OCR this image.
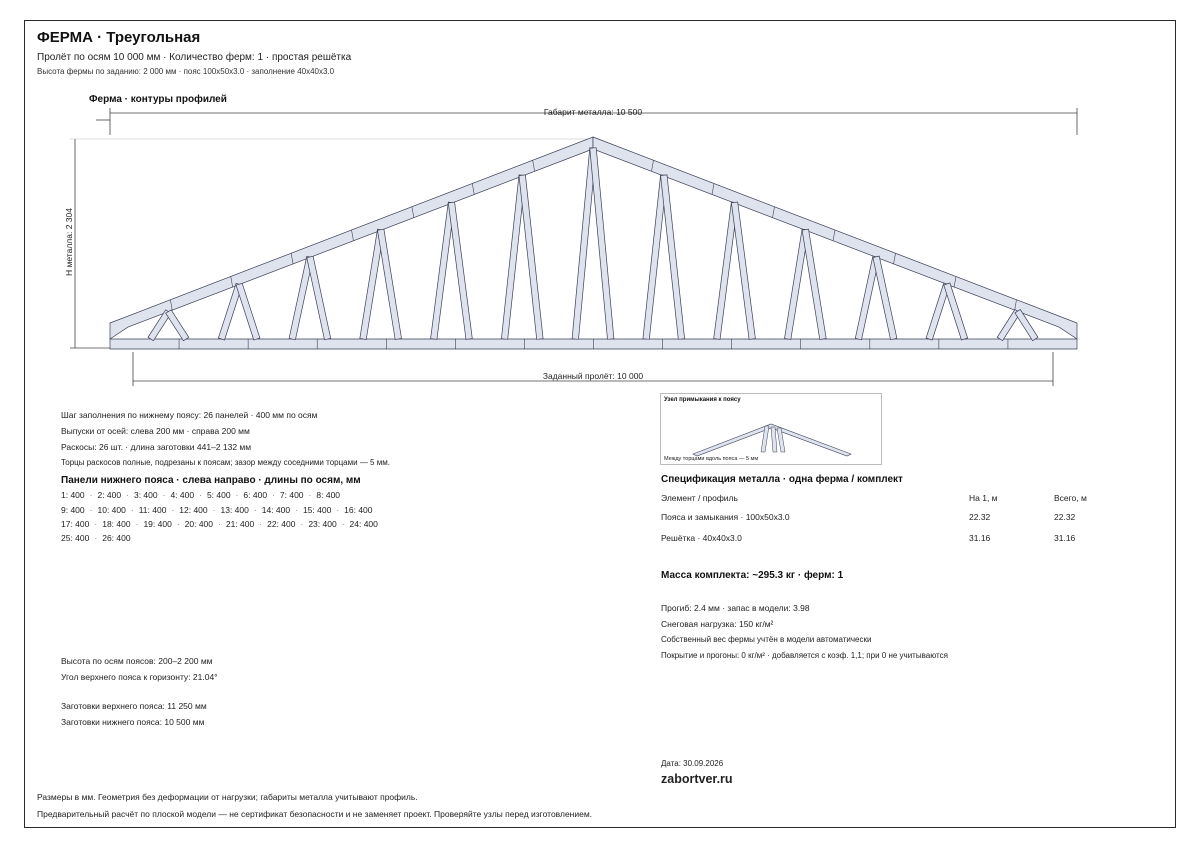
ФЕРМА · Треугольная
Пролёт по осям 10 000 мм · Количество ферм: 1 · простая решётка
Высота фермы по заданию: 2 000 мм · пояс 100x50x3.0 · заполнение 40x40x3.0
Ферма · контуры профилей
Габарит металла: 10 500
H металла: 2 304
Заданный пролёт: 10 000
Шаг заполнения по нижнему поясу: 26 панелей · 400 мм по осям
Выпуски от осей: слева 200 мм · справа 200 мм
Раскосы: 26 шт. · длина заготовки 441–2 132 мм
Торцы раскосов полные, подрезаны к поясам; зазор между соседними торцами — 5 мм.
Панели нижнего пояса · слева направо · длины по осям, мм
1: 400 · 2: 400 · 3: 400 · 4: 400 · 5: 400 · 6: 400 · 7: 400 · 8: 400
9: 400 · 10: 400 · 11: 400 · 12: 400 · 13: 400 · 14: 400 · 15: 400 · 16: 400
17: 400 · 18: 400 · 19: 400 · 20: 400 · 21: 400 · 22: 400 · 23: 400 · 24: 400
25: 400 · 26: 400
Узел примыкания к поясу
Между торцами вдоль пояса — 5 мм
Спецификация металла · одна ферма / комплект
Элемент / профиль	На 1, м	Всего, м
Пояса и замыкания · 100x50x3.0	22.32	22.32
Решётка · 40x40x3.0	31.16	31.16
Масса комплекта: ~295.3 кг · ферм: 1
Прогиб: 2.4 мм · запас в модели: 3.98
Снеговая нагрузка: 150 кг/м²
Собственный вес фермы учтён в модели автоматически
Покрытие и прогоны: 0 кг/м² · добавляется с коэф. 1,1; при 0 не учитываются
Высота по осям поясов: 200–2 200 мм
Угол верхнего пояса к горизонту: 21.04°
Заготовки верхнего пояса: 11 250 мм
Заготовки нижнего пояса: 10 500 мм
Дата: 30.09.2026
zabortver.ru
Размеры в мм. Геометрия без деформации от нагрузки; габариты металла учитывают профиль.
Предварительный расчёт по плоской модели — не сертификат безопасности и не заменяет проект. Проверяйте узлы перед изготовлением.
